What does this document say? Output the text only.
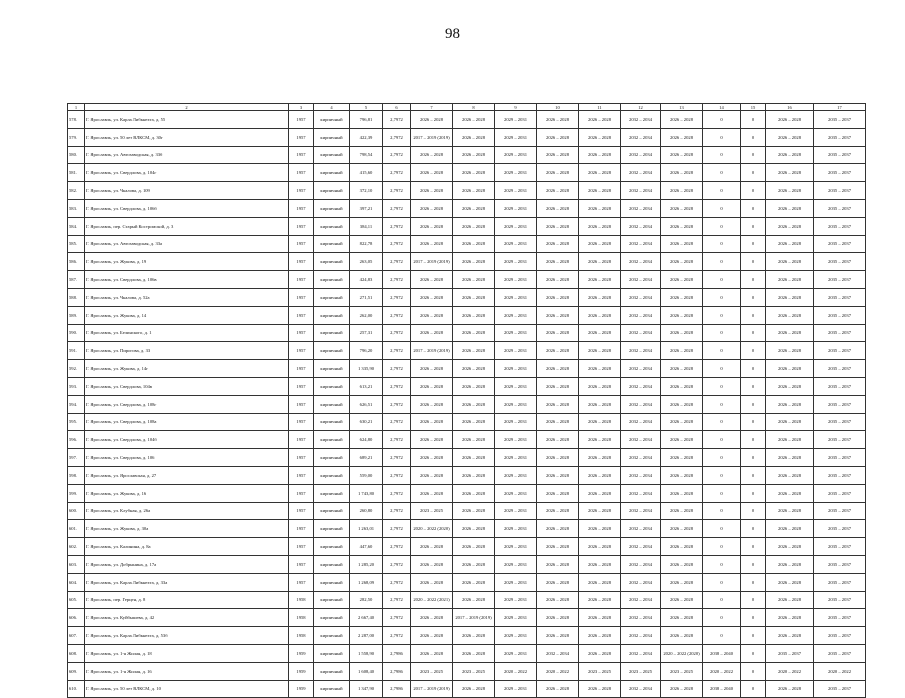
98
1	2	3	4	5	6	7	8	9	10	11	12	13	14	15	16	17
578.	Г. Ярославль, ул. Карла Либкнехта, д. 55	1957	кирпичный	796,81	2,7972	2026 – 2028	2026 – 2028	2029 – 2031	2026 – 2028	2026 – 2028	2032 – 2034	2026 – 2028	0	0	2026 – 2028	2035 – 2037
579.	Г. Ярославль, ул. 50 лет ВЛКСМ, д. 30г	1957	кирпичный	422,39	2,7972	2017 – 2019 (2019)	2026 – 2028	2029 – 2031	2026 – 2028	2026 – 2028	2032 – 2034	2026 – 2028	0	0	2026 – 2028	2035 – 2037
580.	Г. Ярославль, ул. Автозаводская, д. 33б	1957	кирпичный	798,54	2,7972	2026 – 2028	2026 – 2028	2029 – 2031	2026 – 2028	2026 – 2028	2032 – 2034	2026 – 2028	0	0	2026 – 2028	2035 – 2037
581.	Г. Ярославль, ул. Свердлова, д. 104г	1957	кирпичный	415,60	2,7972	2026 – 2028	2026 – 2028	2029 – 2031	2026 – 2028	2026 – 2028	2032 – 2034	2026 – 2028	0	0	2026 – 2028	2035 – 2037
582.	Г. Ярославль, ул. Чкалова, д. 109	1957	кирпичный	372,10	2,7972	2026 – 2028	2026 – 2028	2029 – 2031	2026 – 2028	2026 – 2028	2032 – 2034	2026 – 2028	0	0	2026 – 2028	2035 – 2037
583.	Г. Ярославль, ул. Свердлова, д. 106б	1957	кирпичный	397,21	2,7972	2026 – 2028	2026 – 2028	2029 – 2031	2026 – 2028	2026 – 2028	2032 – 2034	2026 – 2028	0	0	2026 – 2028	2035 – 2037
584.	Г. Ярославль, пер. Старый Костромской, д. 3	1957	кирпичный	384,11	2,7972	2026 – 2028	2026 – 2028	2029 – 2031	2026 – 2028	2026 – 2028	2032 – 2034	2026 – 2028	0	0	2026 – 2028	2035 – 2037
585.	Г. Ярославль, ул. Автозаводская, д. 33а	1957	кирпичный	822,78	2,7972	2026 – 2028	2026 – 2028	2029 – 2031	2026 – 2028	2026 – 2028	2032 – 2034	2026 – 2028	0	0	2026 – 2028	2035 – 2037
586.	Г. Ярославль, ул. Жукова, д. 19	1957	кирпичный	263,05	2,7972	2017 – 2019 (2019)	2026 – 2028	2029 – 2031	2026 – 2028	2026 – 2028	2032 – 2034	2026 – 2028	0	0	2026 – 2028	2035 – 2037
587.	Г. Ярославль, ул. Свердлова, д. 106в	1957	кирпичный	424,83	2,7972	2026 – 2028	2026 – 2028	2029 – 2031	2026 – 2028	2026 – 2028	2032 – 2034	2026 – 2028	0	0	2026 – 2028	2035 – 2037
588.	Г. Ярославль, ул. Чкалова, д. 52а	1957	кирпичный	271,51	2,7972	2026 – 2028	2026 – 2028	2029 – 2031	2026 – 2028	2026 – 2028	2032 – 2034	2026 – 2028	0	0	2026 – 2028	2035 – 2037
589.	Г. Ярославль, ул. Жукова, д. 14	1957	кирпичный	262,00	2,7972	2026 – 2028	2026 – 2028	2029 – 2031	2026 – 2028	2026 – 2028	2032 – 2034	2026 – 2028	0	0	2026 – 2028	2035 – 2037
590.	Г. Ярославль, ул. Белинского, д. 1	1957	кирпичный	257,31	2,7972	2026 – 2028	2026 – 2028	2029 – 2031	2026 – 2028	2026 – 2028	2032 – 2034	2026 – 2028	0	0	2026 – 2028	2035 – 2037
591.	Г. Ярославль, ул. Пирогова, д. 33	1957	кирпичный	796,20	2,7972	2017 – 2019 (2019)	2026 – 2028	2029 – 2031	2026 – 2028	2026 – 2028	2032 – 2034	2026 – 2028	0	0	2026 – 2028	2035 – 2037
592.	Г. Ярославль, ул. Жукова, д. 14г	1957	кирпичный	1 335,90	2,7972	2026 – 2028	2026 – 2028	2029 – 2031	2026 – 2028	2026 – 2028	2032 – 2034	2026 – 2028	0	0	2026 – 2028	2035 – 2037
593.	Г. Ярославль, ул. Свердлова, 104в	1957	кирпичный	613,21	2,7972	2026 – 2028	2026 – 2028	2029 – 2031	2026 – 2028	2026 – 2028	2032 – 2034	2026 – 2028	0	0	2026 – 2028	2035 – 2037
594.	Г. Ярославль, ул. Свердлова, д. 108г	1957	кирпичный	626,51	2,7972	2026 – 2028	2026 – 2028	2029 – 2031	2026 – 2028	2026 – 2028	2032 – 2034	2026 – 2028	0	0	2026 – 2028	2035 – 2037
595.	Г. Ярославль, ул. Свердлова, д. 108а	1957	кирпичный	630,21	2,7972	2026 – 2028	2026 – 2028	2029 – 2031	2026 – 2028	2026 – 2028	2032 – 2034	2026 – 2028	0	0	2026 – 2028	2035 – 2037
596.	Г. Ярославль, ул. Свердлова, д. 104б	1957	кирпичный	624,80	2,7972	2026 – 2028	2026 – 2028	2029 – 2031	2026 – 2028	2026 – 2028	2032 – 2034	2026 – 2028	0	0	2026 – 2028	2035 – 2037
597.	Г. Ярославль, ул. Свердлова, д. 106	1957	кирпичный	689,21	2,7972	2026 – 2028	2026 – 2028	2029 – 2031	2026 – 2028	2026 – 2028	2032 – 2034	2026 – 2028	0	0	2026 – 2028	2035 – 2037
598.	Г. Ярославль, ул. Ярославская, д. 27	1957	кирпичный	559,00	2,7972	2026 – 2028	2026 – 2028	2029 – 2031	2026 – 2028	2026 – 2028	2032 – 2034	2026 – 2028	0	0	2026 – 2028	2035 – 2037
599.	Г. Ярославль, ул. Жукова, д. 16	1957	кирпичный	1 743,80	2,7972	2026 – 2028	2026 – 2028	2029 – 2031	2026 – 2028	2026 – 2028	2032 – 2034	2026 – 2028	0	0	2026 – 2028	2035 – 2037
600.	Г. Ярославль, ул. Клубная, д. 26а	1957	кирпичный	260,80	2,7972	2023 – 2025	2026 – 2028	2029 – 2031	2026 – 2028	2026 – 2028	2032 – 2034	2026 – 2028	0	0	2026 – 2028	2035 – 2037
601.	Г. Ярославль, ул. Жукова, д. 30а	1957	кирпичный	1 263,01	2,7972	2020 – 2022 (2020)	2026 – 2028	2029 – 2031	2026 – 2028	2026 – 2028	2032 – 2034	2026 – 2028	0	0	2026 – 2028	2035 – 2037
602.	Г. Ярославль, ул. Калинина, д. 8а	1957	кирпичный	447,60	2,7972	2026 – 2028	2026 – 2028	2029 – 2031	2026 – 2028	2026 – 2028	2032 – 2034	2026 – 2028	0	0	2026 – 2028	2035 – 2037
603.	Г. Ярославль, ул. Добрынина, д. 17а	1957	кирпичный	1 285,20	2,7972	2026 – 2028	2026 – 2028	2029 – 2031	2026 – 2028	2026 – 2028	2032 – 2034	2026 – 2028	0	0	2026 – 2028	2035 – 2037
604.	Г. Ярославль, ул. Карла Либкнехта, д. 33а	1957	кирпичный	1 268,09	2,7972	2026 – 2028	2026 – 2028	2029 – 2031	2026 – 2028	2026 – 2028	2032 – 2034	2026 – 2028	0	0	2026 – 2028	2035 – 2037
605.	Г. Ярославль, пер. Герцен, д. 8	1958	кирпичный	282,50	2,7972	2020 – 2022 (2021)	2026 – 2028	2029 – 2031	2026 – 2028	2026 – 2028	2032 – 2034	2026 – 2028	0	0	2026 – 2028	2035 – 2037
606.	Г. Ярославль, ул. Куйбышева, д. 42	1958	кирпичный	2 667,40	2,7972	2026 – 2028	2017 – 2019 (2019)	2029 – 2031	2026 – 2028	2026 – 2028	2032 – 2034	2026 – 2028	0	0	2026 – 2028	2035 – 2037
607.	Г. Ярославль, ул. Карла Либкнехта, д. 53б	1958	кирпичный	2 287,00	2,7972	2026 – 2028	2026 – 2028	2029 – 2031	2026 – 2028	2026 – 2028	2032 – 2034	2026 – 2028	0	0	2026 – 2028	2035 – 2037
608.	Г. Ярославль, ул. 1-я Жилая, д. 18	1959	кирпичный	1 558,90	2,7986	2026 – 2028	2026 – 2028	2029 – 2031	2032 – 2034	2026 – 2028	2032 – 2034	2020 – 2022 (2020)	2038 – 2040	0	2035 – 2037	2035 – 2037
609.	Г. Ярославль, ул. 1-я Жилая, д. 16	1959	кирпичный	1 608,40	2,7986	2023 – 2025	2023 – 2025	2020 – 2022	2020 – 2022	2023 – 2025	2023 – 2025	2023 – 2025	2020 – 2022	0	2020 – 2022	2020 – 2022
610.	Г. Ярославль, ул. 50 лет ВЛКСМ, д. 10	1959	кирпичный	1 347,90	2,7986	2017 – 2019 (2019)	2026 – 2028	2029 – 2031	2026 – 2028	2026 – 2028	2032 – 2034	2026 – 2028	2038 – 2040	0	2026 – 2028	2035 – 2037
